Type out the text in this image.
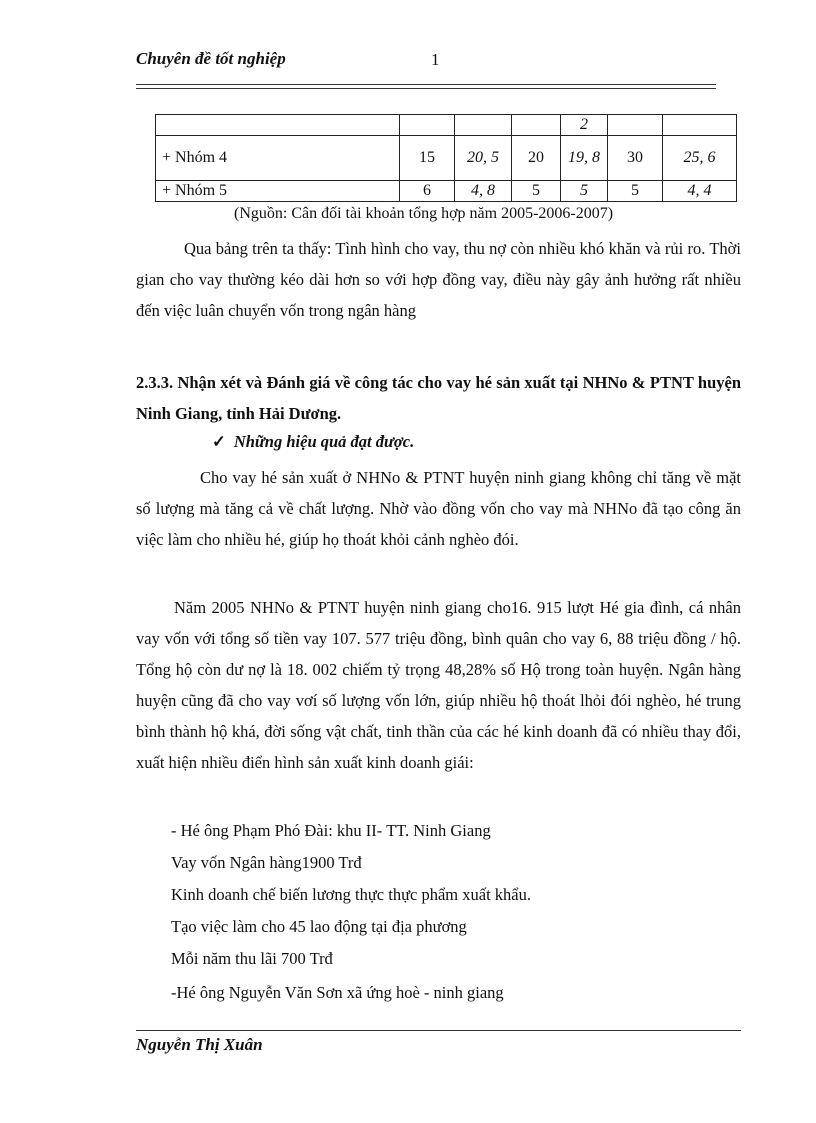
Chuyên đề tốt nghiệp	1
				2		
+ Nhóm 4	15	20, 5	20	19, 8	30	25, 6
+ Nhóm 5	6	4, 8	5	5	5	4, 4
(Nguồn: Cân đối tài khoản tổng hợp năm 2005-2006-2007)
Qua bảng trên ta thấy: Tình hình cho vay, thu nợ còn nhiều khó khăn và rủi ro. Thời gian cho vay thường kéo dài hơn so với hợp đồng vay, điều này gây ảnh hưởng rất nhiều đến việc luân chuyển vốn trong ngân hàng
2.3.3. Nhận xét và Đánh giá về công tác cho vay hé sản xuất tại NHNo & PTNT huyện Ninh Giang, tỉnh Hải Dương.
✓ Những hiệu quả đạt được.
Cho vay hé sản xuất ở NHNo & PTNT huyện ninh giang không chỉ tăng về mặt số lượng mà tăng cả về chất lượng. Nhờ vào đồng vốn cho vay mà NHNo đã tạo công ăn việc làm cho nhiều hé, giúp họ thoát khỏi cảnh nghèo đói.
Năm 2005 NHNo & PTNT huyện ninh giang cho16. 915 lượt Hé gia đình, cá nhân vay vốn với tổng số tiền vay 107. 577 triệu đồng, bình quân cho vay 6, 88 triệu đồng / hộ. Tổng hộ còn dư nợ là 18. 002 chiếm tỷ trọng 48,28% số Hộ trong toàn huyện. Ngân hàng huyện cũng đã cho vay vơí số lượng vốn lớn, giúp nhiều hộ thoát lhỏi đói nghèo, hé trung bình thành hộ khá, đời sống vật chất, tinh thần của các hé kinh doanh đã có nhiều thay đổi, xuất hiện nhiều điển hình sản xuất kinh doanh giái:
- Hé ông Phạm Phó Đài: khu II- TT. Ninh Giang
Vay vốn Ngân hàng1900 Trđ
Kinh doanh chế biến lương thực thực phẩm xuất khẩu.
Tạo việc làm cho 45 lao động tại địa phương
Mỗi năm thu lãi 700 Trđ
-Hé ông Nguyễn Văn Sơn xã ứng hoè - ninh giang
Nguyễn Thị Xuân
